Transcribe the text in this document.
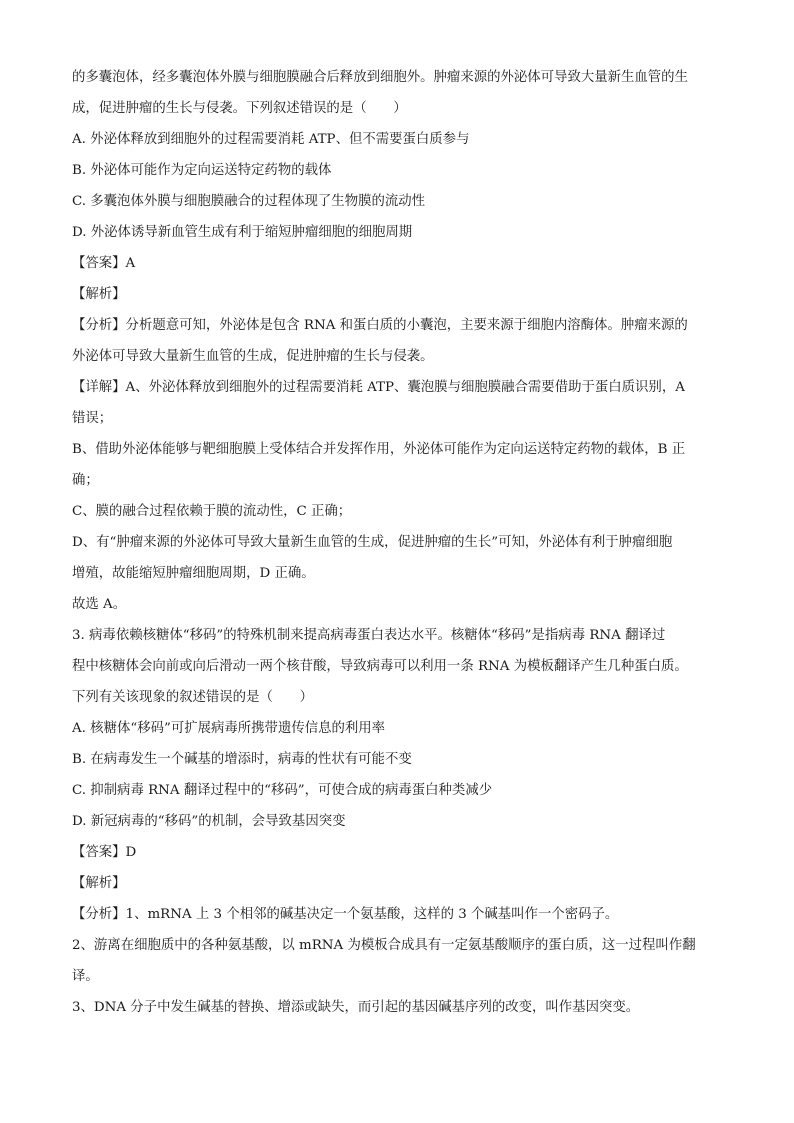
的多囊泡体，经多囊泡体外膜与细胞膜融合后释放到细胞外。肿瘤来源的外泌体可导致大量新生血管的生
成，促进肿瘤的生长与侵袭。下列叙述错误的是（　　）
A. 外泌体释放到细胞外的过程需要消耗 ATP、但不需要蛋白质参与
B. 外泌体可能作为定向运送特定药物的载体
C. 多囊泡体外膜与细胞膜融合的过程体现了生物膜的流动性
D. 外泌体诱导新血管生成有利于缩短肿瘤细胞的细胞周期
【答案】A
【解析】
【分析】分析题意可知，外泌体是包含 RNA 和蛋白质的小囊泡，主要来源于细胞内溶酶体。肿瘤来源的
外泌体可导致大量新生血管的生成，促进肿瘤的生长与侵袭。
【详解】A、外泌体释放到细胞外的过程需要消耗 ATP、囊泡膜与细胞膜融合需要借助于蛋白质识别，A
错误；
B、借助外泌体能够与靶细胞膜上受体结合并发挥作用，外泌体可能作为定向运送特定药物的载体，B 正
确；
C、膜的融合过程依赖于膜的流动性，C 正确；
D、有“肿瘤来源的外泌体可导致大量新生血管的生成，促进肿瘤的生长”可知，外泌体有利于肿瘤细胞
增殖，故能缩短肿瘤细胞周期，D 正确。
故选 A。
3. 病毒依赖核糖体“移码”的特殊机制来提高病毒蛋白表达水平。核糖体“移码”是指病毒 RNA 翻译过
程中核糖体会向前或向后滑动一两个核苷酸，导致病毒可以利用一条 RNA 为模板翻译产生几种蛋白质。
下列有关该现象的叙述错误的是（　　）
A. 核糖体“移码”可扩展病毒所携带遗传信息的利用率
B. 在病毒发生一个碱基的增添时，病毒的性状有可能不变
C. 抑制病毒 RNA 翻译过程中的“移码”，可使合成的病毒蛋白种类减少
D. 新冠病毒的“移码”的机制，会导致基因突变
【答案】D
【解析】
【分析】1、mRNA 上 3 个相邻的碱基决定一个氨基酸，这样的 3 个碱基叫作一个密码子。
2、游离在细胞质中的各种氨基酸，以 mRNA 为模板合成具有一定氨基酸顺序的蛋白质，这一过程叫作翻
译。
3、DNA 分子中发生碱基的替换、增添或缺失，而引起的基因碱基序列的改变，叫作基因突变。
